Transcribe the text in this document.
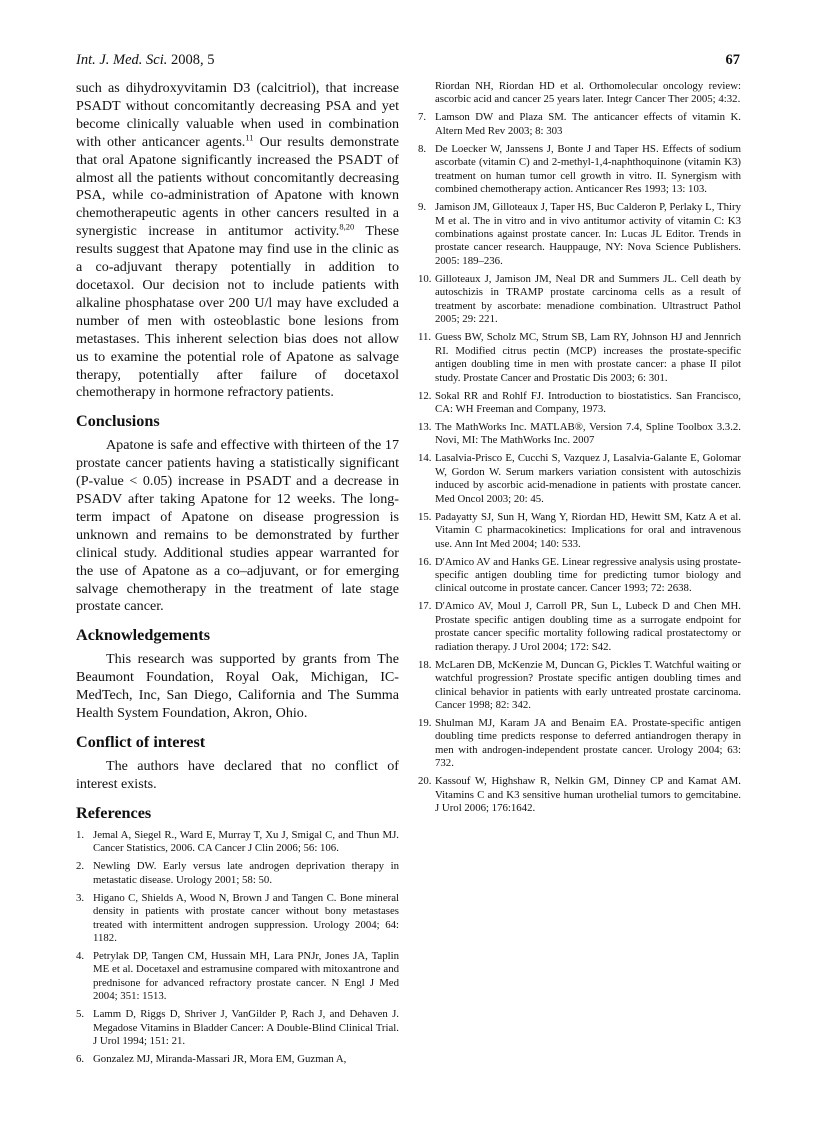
Int. J. Med. Sci. 2008, 5	67

such as dihydroxyvitamin D3 (calcitriol), that increase PSADT without concomitantly decreasing PSA and yet become clinically valuable when used in combination with other anticancer agents.$^{11}$ Our results demonstrate that oral Apatone significantly increased the PSADT of almost all the patients without concomitantly decreasing PSA, while co-administration of Apatone with known chemotherapeutic agents in other cancers resulted in a synergistic increase in antitumor activity.$^{8,20}$ These results suggest that Apatone may find use in the clinic as a co-adjuvant therapy potentially in addition to docetaxol. Our decision not to include patients with alkaline phosphatase over 200 U/l may have excluded a number of men with osteoblastic bone lesions from metastases. This inherent selection bias does not allow us to examine the potential role of Apatone as salvage therapy, potentially after failure of docetaxol chemotherapy in hormone refractory patients.

Conclusions

Apatone is safe and effective with thirteen of the 17 prostate cancer patients having a statistically significant (P-value < 0.05) increase in PSADT and a decrease in PSADV after taking Apatone for 12 weeks. The long-term impact of Apatone on disease progression is unknown and remains to be demonstrated by further clinical study. Additional studies appear warranted for the use of Apatone as a co–adjuvant, or for emerging salvage chemotherapy in the treatment of late stage prostate cancer.

Acknowledgements

This research was supported by grants from The Beaumont Foundation, Royal Oak, Michigan, IC-MedTech, Inc, San Diego, California and The Summa Health System Foundation, Akron, Ohio.

Conflict of interest

The authors have declared that no conflict of interest exists.

References
1. Jemal A, Siegel R., Ward E, Murray T, Xu J, Smigal C, and Thun MJ. Cancer Statistics, 2006. CA Cancer J Clin 2006; 56: 106.
2. Newling DW. Early versus late androgen deprivation therapy in metastatic disease. Urology 2001; 58: 50.
3. Higano C, Shields A, Wood N, Brown J and Tangen C. Bone mineral density in patients with prostate cancer without bony metastases treated with intermittent androgen suppression. Urology 2004; 64: 1182.
4. Petrylak DP, Tangen CM, Hussain MH, Lara PNJr, Jones JA, Taplin ME et al. Docetaxel and estramusine compared with mitoxantrone and prednisone for advanced refractory prostate cancer. N Engl J Med 2004; 351: 1513.
5. Lamm D, Riggs D, Shriver J, VanGilder P, Rach J, and Dehaven J. Megadose Vitamins in Bladder Cancer: A Double-Blind Clinical Trial. J Urol 1994; 151: 21.
6. Gonzalez MJ, Miranda-Massari JR, Mora EM, Guzman A,
Riordan NH, Riordan HD et al. Orthomolecular oncology review: ascorbic acid and cancer 25 years later. Integr Cancer Ther 2005; 4:32.
7. Lamson DW and Plaza SM. The anticancer effects of vitamin K. Altern Med Rev 2003; 8: 303
8. De Loecker W, Janssens J, Bonte J and Taper HS. Effects of sodium ascorbate (vitamin C) and 2-methyl-1,4-naphthoquinone (vitamin K3) treatment on human tumor cell growth in vitro. II. Synergism with combined chemotherapy action. Anticancer Res 1993; 13: 103.
9. Jamison JM, Gilloteaux J, Taper HS, Buc Calderon P, Perlaky L, Thiry M et al. The in vitro and in vivo antitumor activity of vitamin C: K3 combinations against prostate cancer. In: Lucas JL Editor. Trends in prostate cancer research. Hauppauge, NY: Nova Science Publishers. 2005: 189–236.
10. Gilloteaux J, Jamison JM, Neal DR and Summers JL. Cell death by autoschizis in TRAMP prostate carcinoma cells as a result of treatment by ascorbate: menadione combination. Ultrastruct Pathol 2005; 29: 221.
11. Guess BW, Scholz MC, Strum SB, Lam RY, Johnson HJ and Jennrich RI. Modified citrus pectin (MCP) increases the prostate-specific antigen doubling time in men with prostate cancer: a phase II pilot study. Prostate Cancer and Prostatic Dis 2003; 6: 301.
12. Sokal RR and Rohlf FJ. Introduction to biostatistics. San Francisco, CA: WH Freeman and Company, 1973.
13. The MathWorks Inc. MATLAB®, Version 7.4, Spline Toolbox 3.3.2. Novi, MI: The MathWorks Inc. 2007
14. Lasalvia-Prisco E, Cucchi S, Vazquez J, Lasalvia-Galante E, Golomar W, Gordon W. Serum markers variation consistent with autoschizis induced by ascorbic acid-menadione in patients with prostate cancer. Med Oncol 2003; 20: 45.
15. Padayatty SJ, Sun H, Wang Y, Riordan HD, Hewitt SM, Katz A et al. Vitamin C pharmacokinetics: Implications for oral and intravenous use. Ann Int Med 2004; 140: 533.
16. D'Amico AV and Hanks GE. Linear regressive analysis using prostate-specific antigen doubling time for predicting tumor biology and clinical outcome in prostate cancer. Cancer 1993; 72: 2638.
17. D'Amico AV, Moul J, Carroll PR, Sun L, Lubeck D and Chen MH. Prostate specific antigen doubling time as a surrogate endpoint for prostate cancer specific mortality following radical prostatectomy or radiation therapy. J Urol 2004; 172: S42.
18. McLaren DB, McKenzie M, Duncan G, Pickles T. Watchful waiting or watchful progression? Prostate specific antigen doubling times and clinical behavior in patients with early untreated prostate carcinoma. Cancer 1998; 82: 342.
19. Shulman MJ, Karam JA and Benaim EA. Prostate-specific antigen doubling time predicts response to deferred antiandrogen therapy in men with androgen-independent prostate cancer. Urology 2004; 63: 732.
20. Kassouf W, Highshaw R, Nelkin GM, Dinney CP and Kamat AM. Vitamins C and K3 sensitive human urothelial tumors to gemcitabine. J Urol 2006; 176:1642.
